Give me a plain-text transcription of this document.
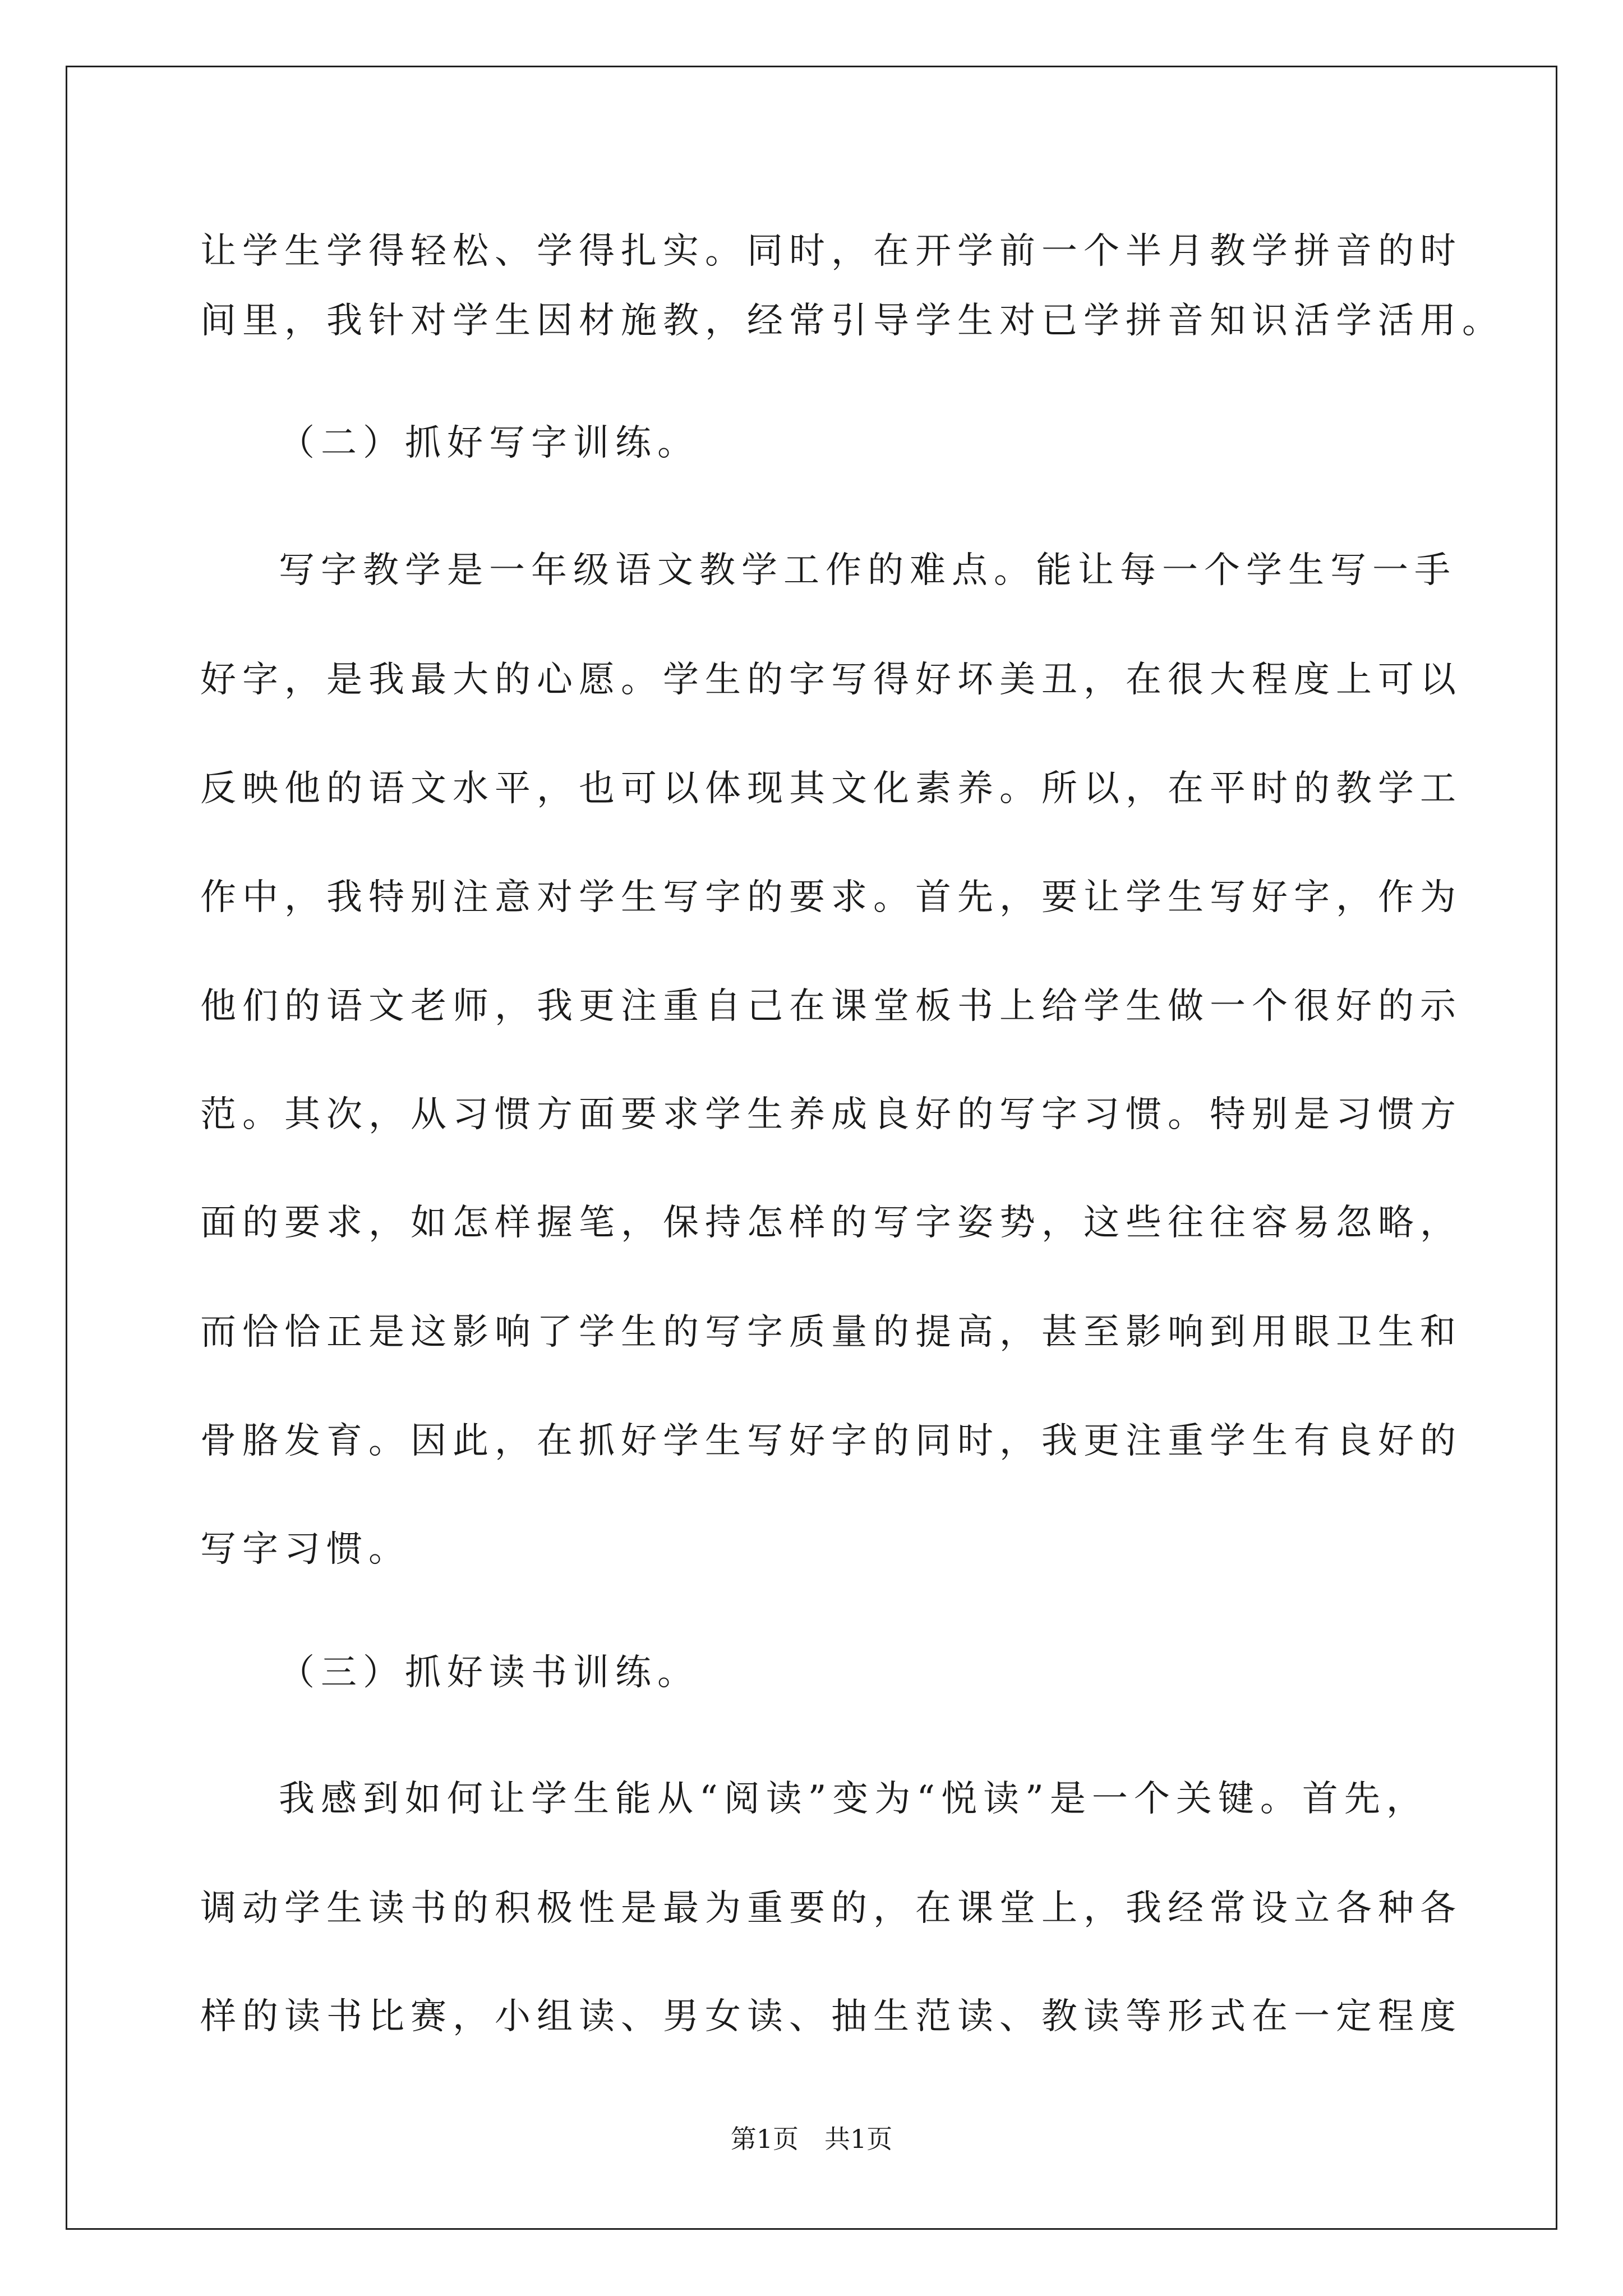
让学生学得轻松、学得扎实。同时，在开学前一个半月教学拼音的时
间里，我针对学生因材施教，经常引导学生对已学拼音知识活学活用。
（二）抓好写字训练。
写字教学是一年级语文教学工作的难点。能让每一个学生写一手
好字，是我最大的心愿。学生的字写得好坏美丑，在很大程度上可以
反映他的语文水平，也可以体现其文化素养。所以，在平时的教学工
作中，我特别注意对学生写字的要求。首先，要让学生写好字，作为
他们的语文老师，我更注重自己在课堂板书上给学生做一个很好的示
范。其次，从习惯方面要求学生养成良好的写字习惯。特别是习惯方
面的要求，如怎样握笔，保持怎样的写字姿势，这些往往容易忽略，
而恰恰正是这影响了学生的写字质量的提高，甚至影响到用眼卫生和
骨胳发育。因此，在抓好学生写好字的同时，我更注重学生有良好的
写字习惯。
（三）抓好读书训练。
我感到如何让学生能从“阅读”变为“悦读”是一个关键。首先，
调动学生读书的积极性是最为重要的，在课堂上，我经常设立各种各
样的读书比赛，小组读、男女读、抽生范读、教读等形式在一定程度
第1页　共1页
